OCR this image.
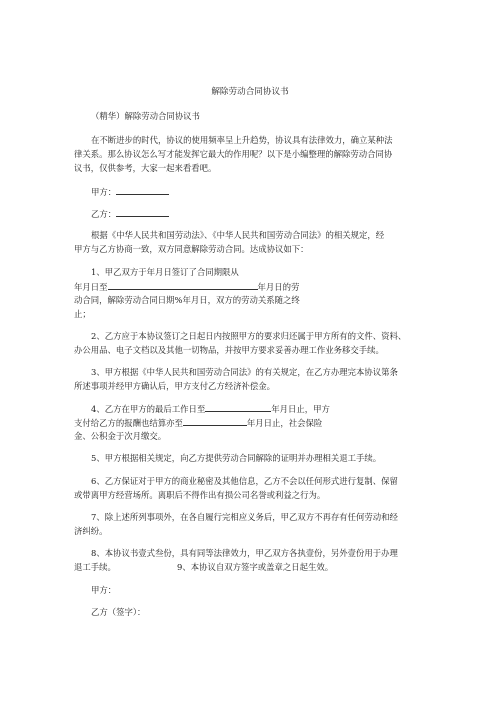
解除劳动合同协议书
（精华）解除劳动合同协议书
在不断进步的时代，协议的使用频率呈上升趋势，协议具有法律效力，确立某种法
律关系。那么协议怎么写才能发挥它最大的作用呢？以下是小编整理的解除劳动合同协
议书，仅供参考，大家一起来看看吧。
甲方：
乙方：
根据《中华人民共和国劳动法》、《中华人民共和国劳动合同法》的相关规定，经
甲方与乙方协商一致，双方同意解除劳动合同。达成协议如下：
1、甲乙双方于年月日签订了合同期限从
年月日至	年月日的劳
动合同，解除劳动合同日期%年月日，双方的劳动关系随之终
止；
2、乙方应于本协议签订之日起日内按照甲方的要求归还属于甲方所有的文件、资料、
办公用品、电子文档以及其他一切物品，并按甲方要求妥善办理工作业务移交手续。
3、甲方根据《中华人民共和国劳动合同法》的有关规定，在乙方办理完本协议第条
所述事项并经甲方确认后，甲方支付乙方经济补偿金。
4、乙方在甲方的最后工作日至	年月日止，甲方
支付给乙方的报酬也结算亦至	年月日止，社会保险
金、公积金于次月缴交。
5、甲方根据相关规定，向乙方提供劳动合同解除的证明并办理相关退工手续。
6、乙方保证对于甲方的商业秘密及其他信息，乙方不会以任何形式进行复制、保留
或带离甲方经营场所。离职后不得作出有损公司名誉或利益之行为。
7、除上述所列事项外，在各自履行完相应义务后，甲乙双方不再存有任何劳动和经
济纠纷。
8、本协议书壹式叁份，具有同等法律效力，甲乙双方各执壹份，另外壹份用于办理
退工手续。	9、本协议自双方签字或盖章之日起生效。
甲方：
乙方（签字）：
